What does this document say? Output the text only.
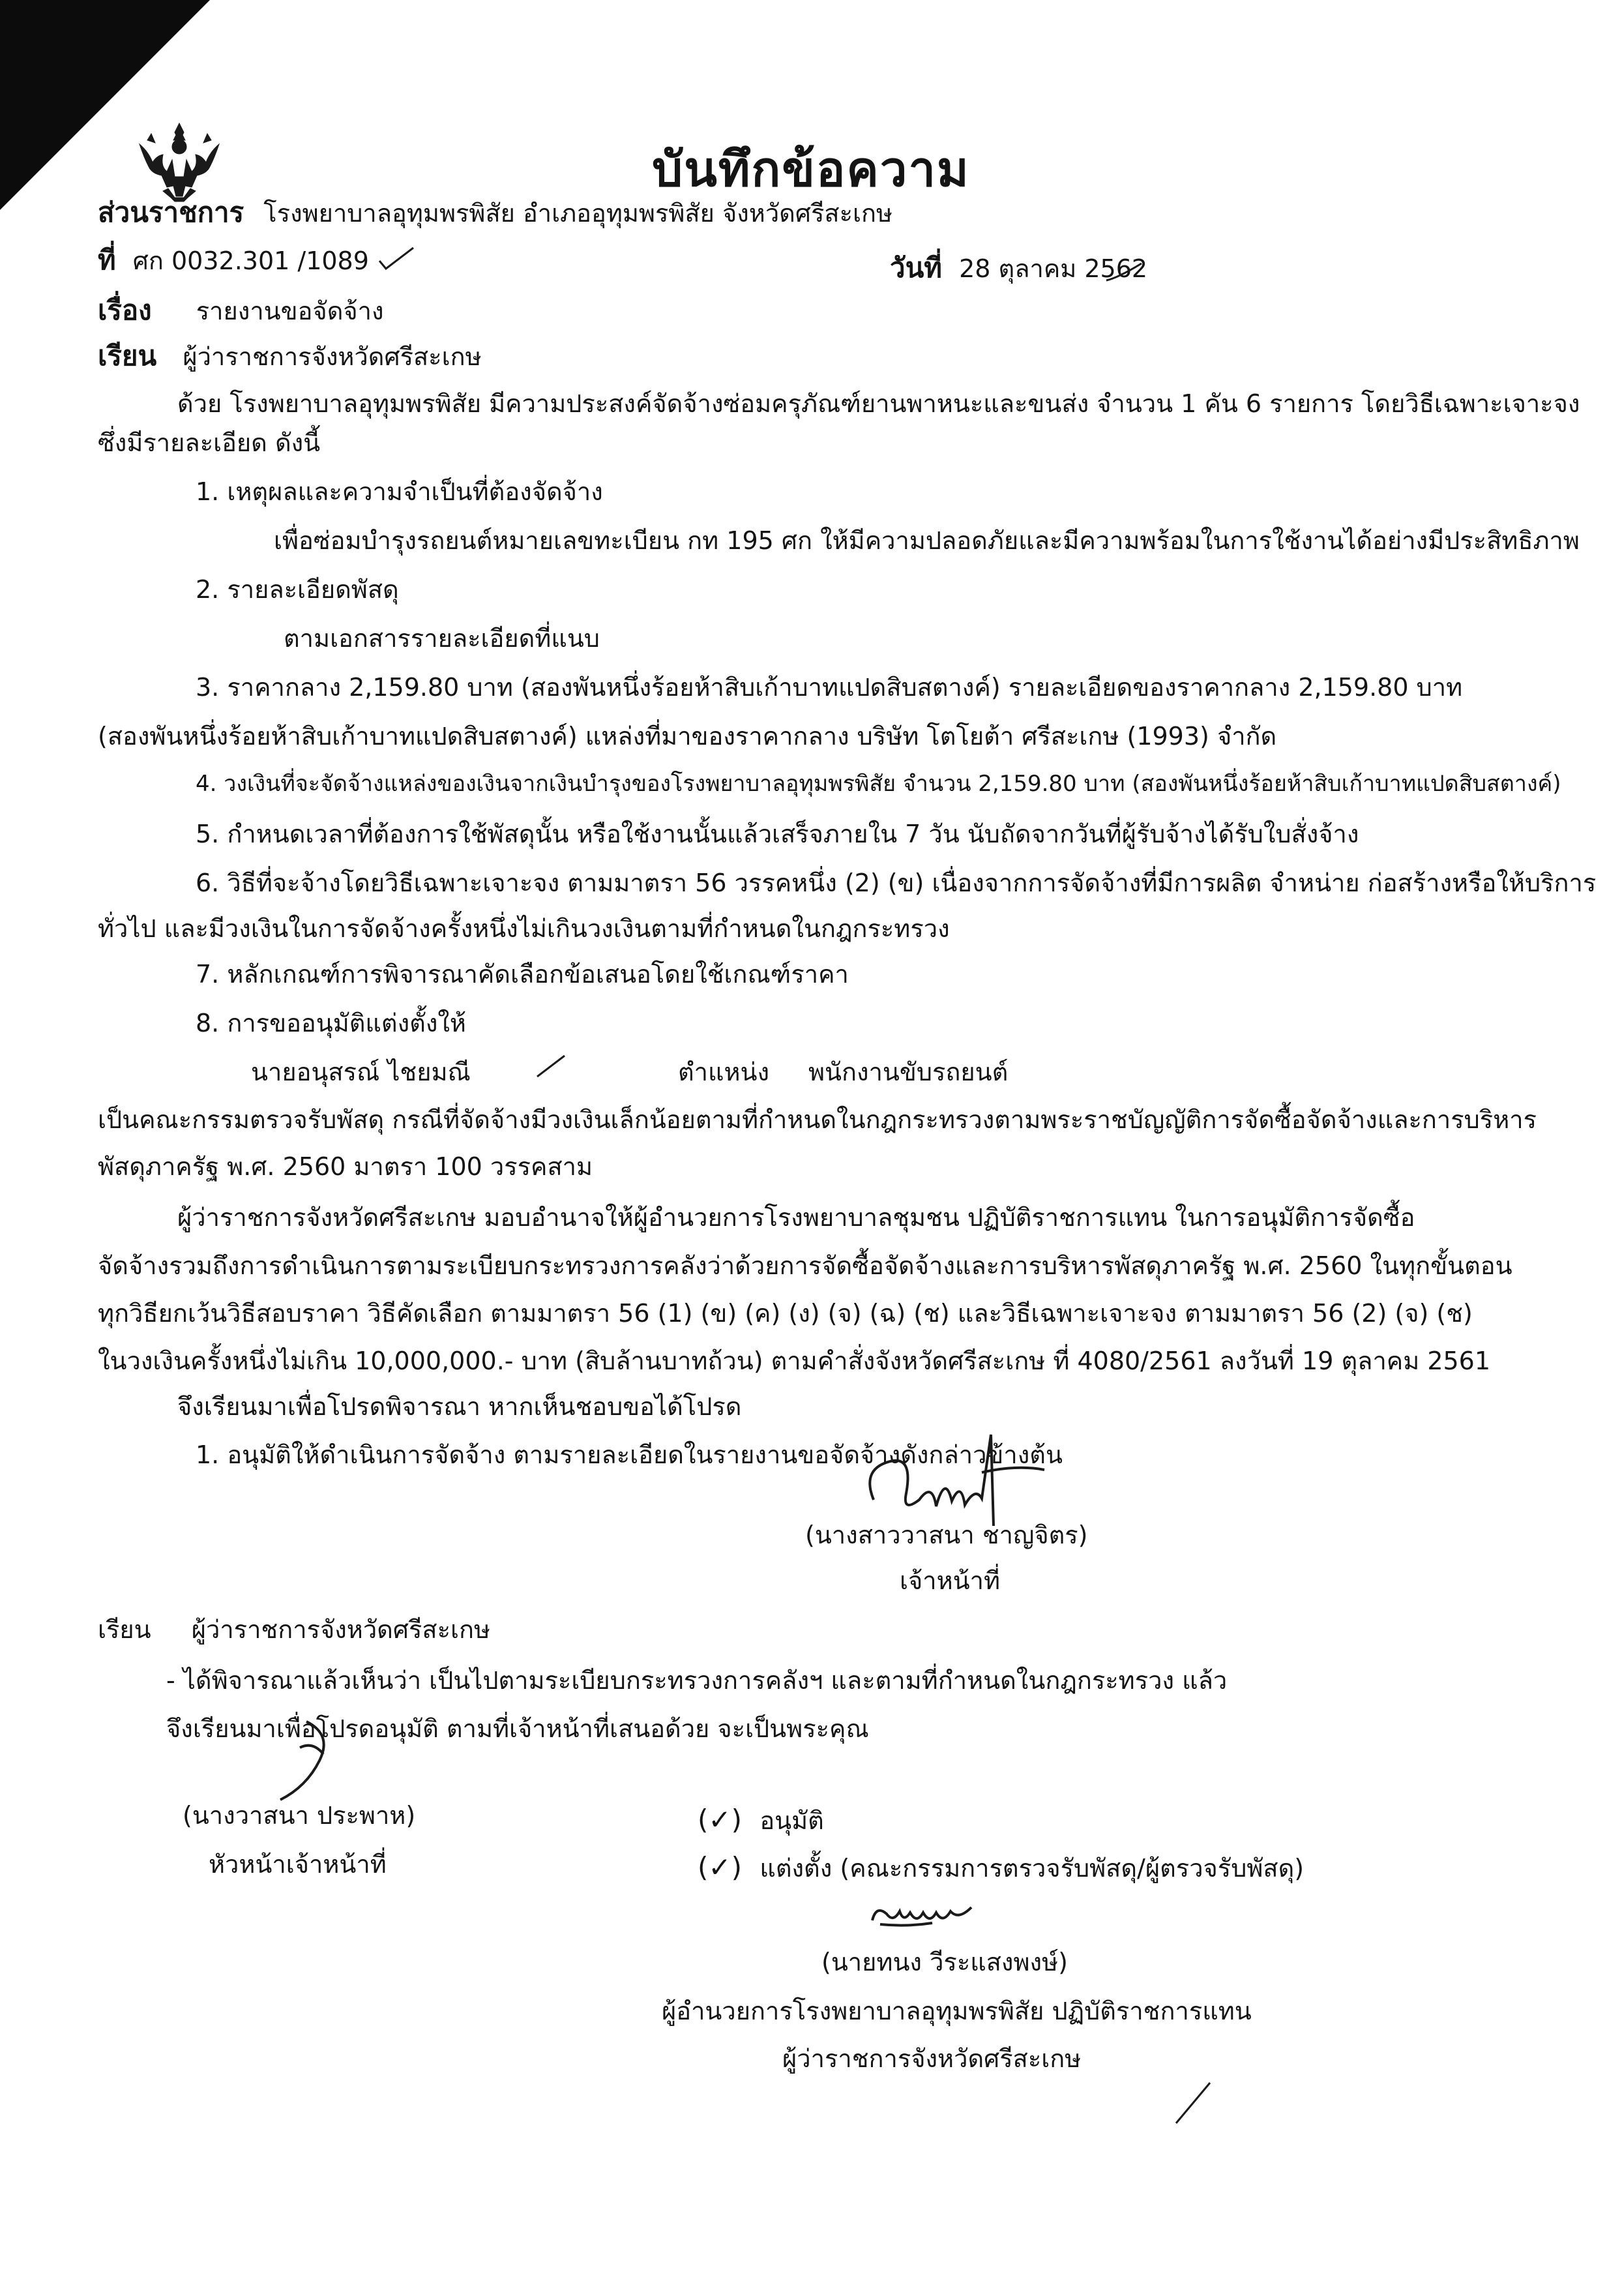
บันทึกข้อความ
ส่วนราชการ โรงพยาบาลอุทุมพรพิสัย อำเภออุทุมพรพิสัย จังหวัดศรีสะเกษ
ที่ ศก 0032.301 /1089	วันที่ 28 ตุลาคม 2562
เรื่อง รายงานขอจัดจ้าง
เรียน ผู้ว่าราชการจังหวัดศรีสะเกษ
ด้วย โรงพยาบาลอุทุมพรพิสัย มีความประสงค์จัดจ้างซ่อมครุภัณฑ์ยานพาหนะและขนส่ง จำนวน 1 คัน 6 รายการ โดยวิธีเฉพาะเจาะจง
ซึ่งมีรายละเอียด ดังนี้
1. เหตุผลและความจำเป็นที่ต้องจัดจ้าง
เพื่อซ่อมบำรุงรถยนต์หมายเลขทะเบียน กท 195 ศก ให้มีความปลอดภัยและมีความพร้อมในการใช้งานได้อย่างมีประสิทธิภาพ
2. รายละเอียดพัสดุ
ตามเอกสารรายละเอียดที่แนบ
3. ราคากลาง 2,159.80 บาท (สองพันหนึ่งร้อยห้าสิบเก้าบาทแปดสิบสตางค์) รายละเอียดของราคากลาง 2,159.80 บาท
(สองพันหนึ่งร้อยห้าสิบเก้าบาทแปดสิบสตางค์) แหล่งที่มาของราคากลาง บริษัท โตโยต้า ศรีสะเกษ (1993) จำกัด
4. วงเงินที่จะจัดจ้างแหล่งของเงินจากเงินบำรุงของโรงพยาบาลอุทุมพรพิสัย จำนวน 2,159.80 บาท (สองพันหนึ่งร้อยห้าสิบเก้าบาทแปดสิบสตางค์)
5. กำหนดเวลาที่ต้องการใช้พัสดุนั้น หรือใช้งานนั้นแล้วเสร็จภายใน 7 วัน นับถัดจากวันที่ผู้รับจ้างได้รับใบสั่งจ้าง
6. วิธีที่จะจ้างโดยวิธีเฉพาะเจาะจง ตามมาตรา 56 วรรคหนึ่ง (2) (ข) เนื่องจากการจัดจ้างที่มีการผลิต จำหน่าย ก่อสร้างหรือให้บริการ
ทั่วไป และมีวงเงินในการจัดจ้างครั้งหนึ่งไม่เกินวงเงินตามที่กำหนดในกฎกระทรวง
7. หลักเกณฑ์การพิจารณาคัดเลือกข้อเสนอโดยใช้เกณฑ์ราคา
8. การขออนุมัติแต่งตั้งให้
นายอนุสรณ์ ไชยมณี	ตำแหน่ง พนักงานขับรถยนต์
เป็นคณะกรรมตรวจรับพัสดุ กรณีที่จัดจ้างมีวงเงินเล็กน้อยตามที่กำหนดในกฎกระทรวงตามพระราชบัญญัติการจัดซื้อจัดจ้างและการบริหาร
พัสดุภาครัฐ พ.ศ. 2560 มาตรา 100 วรรคสาม
ผู้ว่าราชการจังหวัดศรีสะเกษ มอบอำนาจให้ผู้อำนวยการโรงพยาบาลชุมชน ปฏิบัติราชการแทน ในการอนุมัติการจัดซื้อ
จัดจ้างรวมถึงการดำเนินการตามระเบียบกระทรวงการคลังว่าด้วยการจัดซื้อจัดจ้างและการบริหารพัสดุภาครัฐ พ.ศ. 2560 ในทุกขั้นตอน
ทุกวิธียกเว้นวิธีสอบราคา วิธีคัดเลือก ตามมาตรา 56 (1) (ข) (ค) (ง) (จ) (ฉ) (ช) และวิธีเฉพาะเจาะจง ตามมาตรา 56 (2) (จ) (ช)
ในวงเงินครั้งหนึ่งไม่เกิน 10,000,000.- บาท (สิบล้านบาทถ้วน) ตามคำสั่งจังหวัดศรีสะเกษ ที่ 4080/2561 ลงวันที่ 19 ตุลาคม 2561
จึงเรียนมาเพื่อโปรดพิจารณา หากเห็นชอบขอได้โปรด
1. อนุมัติให้ดำเนินการจัดจ้าง ตามรายละเอียดในรายงานขอจัดจ้างดังกล่าวข้างต้น
(นางสาววาสนา ชาญจิตร)
เจ้าหน้าที่
เรียน ผู้ว่าราชการจังหวัดศรีสะเกษ
- ได้พิจารณาแล้วเห็นว่า เป็นไปตามระเบียบกระทรวงการคลังฯ และตามที่กำหนดในกฎกระทรวง แล้ว
จึงเรียนมาเพื่อโปรดอนุมัติ ตามที่เจ้าหน้าที่เสนอด้วย จะเป็นพระคุณ
(นางวาสนา ประพาห)
หัวหน้าเจ้าหน้าที่
(✓) อนุมัติ
(✓) แต่งตั้ง (คณะกรรมการตรวจรับพัสดุ/ผู้ตรวจรับพัสดุ)
(นายทนง วีระแสงพงษ์)
ผู้อำนวยการโรงพยาบาลอุทุมพรพิสัย ปฏิบัติราชการแทน
ผู้ว่าราชการจังหวัดศรีสะเกษ
